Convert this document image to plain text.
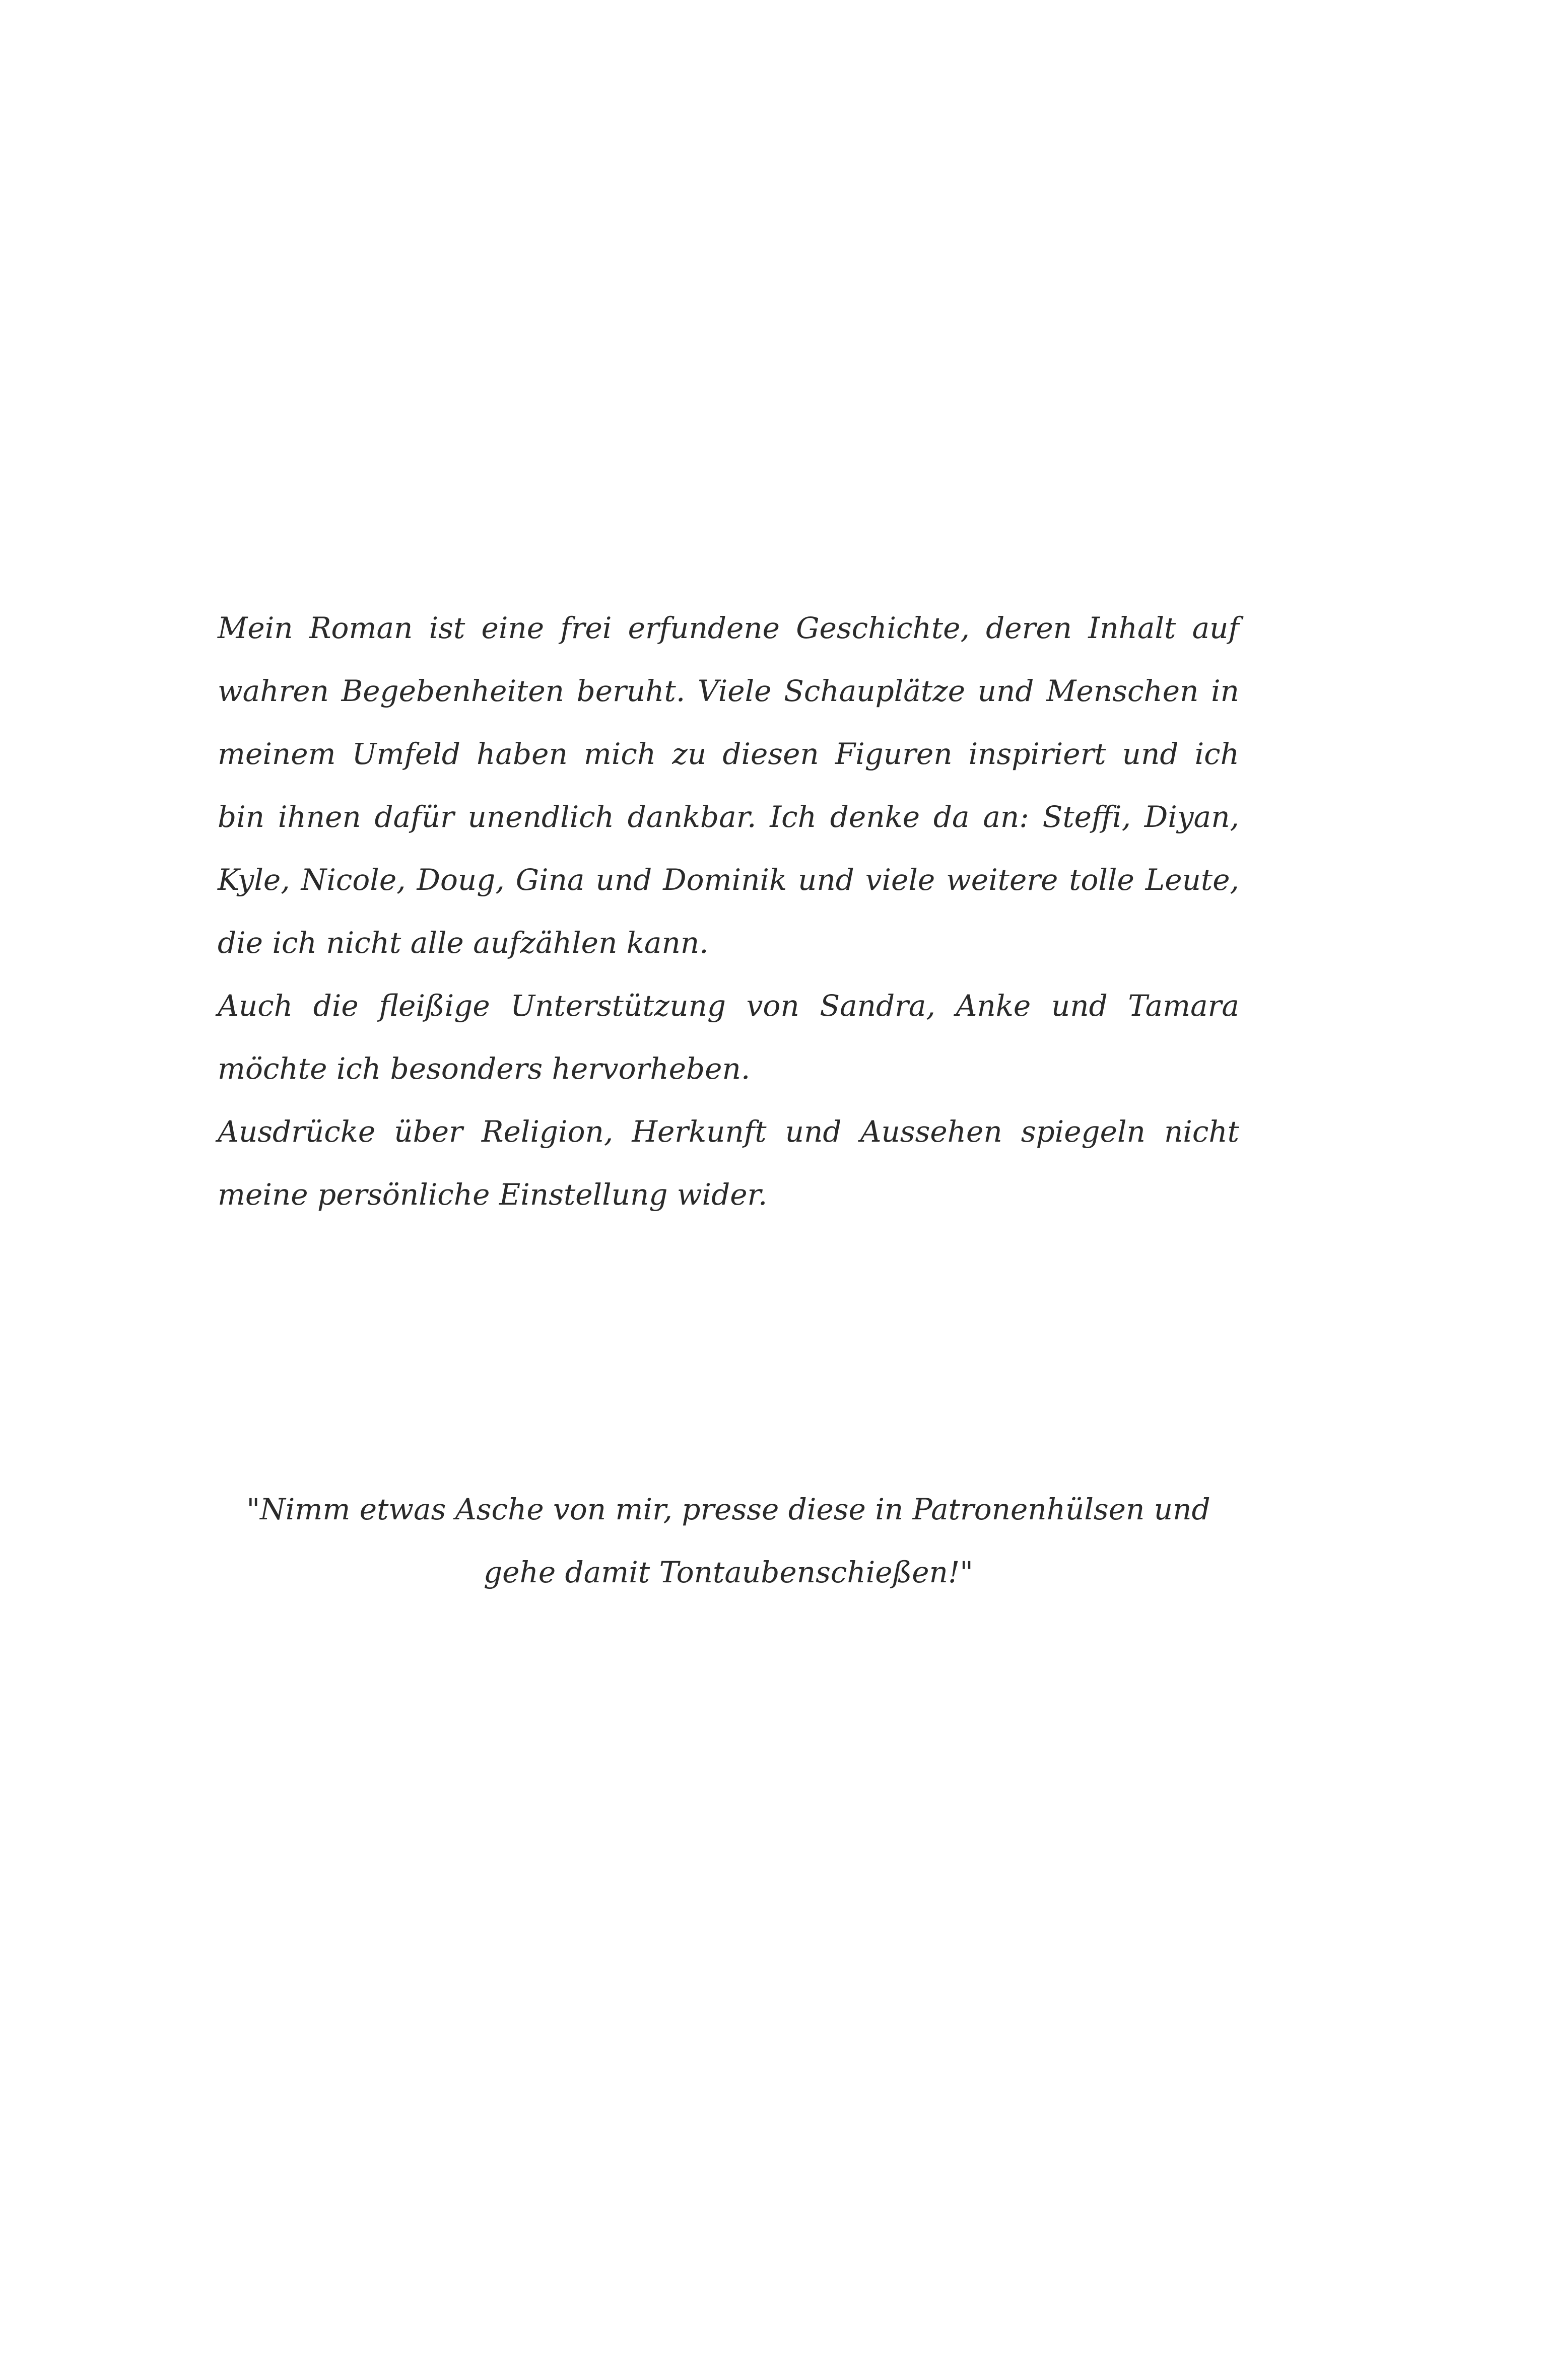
Mein Roman ist eine frei erfundene Geschichte, deren Inhalt auf
wahren Begebenheiten beruht. Viele Schauplätze und Menschen in
meinem Umfeld haben mich zu diesen Figuren inspiriert und ich
bin ihnen dafür unendlich dankbar. Ich denke da an: Steffi, Diyan,
Kyle, Nicole, Doug, Gina und Dominik und viele weitere tolle Leute,
die ich nicht alle aufzählen kann.

Auch die fleißige Unterstützung von Sandra, Anke und Tamara
möchte ich besonders hervorheben.

Ausdrücke über Religion, Herkunft und Aussehen spiegeln nicht
meine persönliche Einstellung wider.

"Nimm etwas Asche von mir, presse diese in Patronenhülsen und
gehe damit Tontaubenschießen!"
